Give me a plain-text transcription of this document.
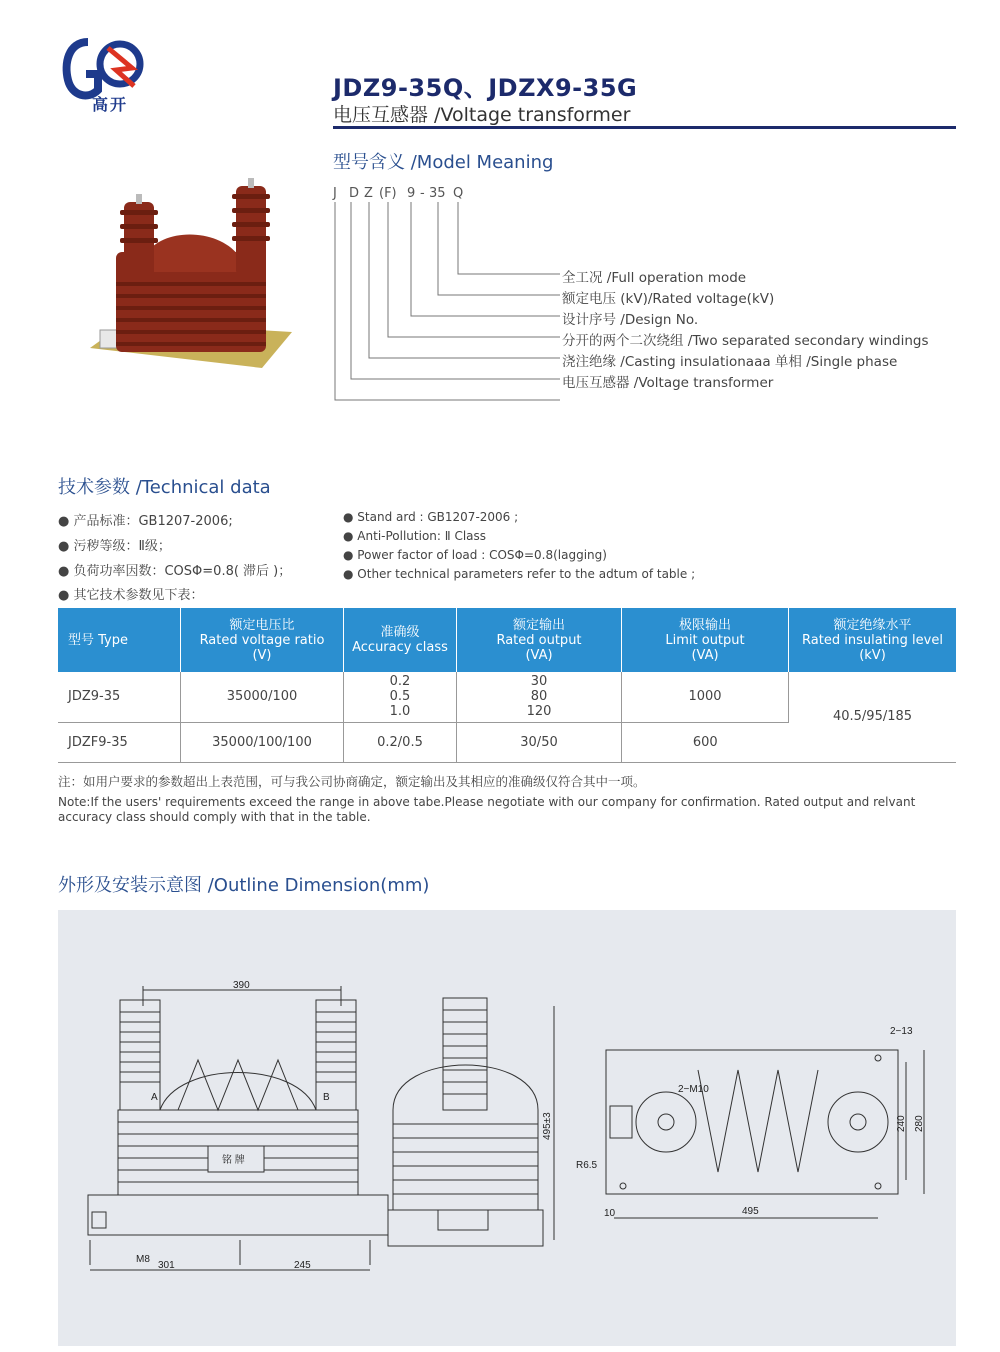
高开
JDZ9-35Q、JDZX9-35G
电压互感器 /Voltage transformer
型号含义 /Model Meaning
J D Z (F) 9 - 35 Q
全工况 /Full operation mode
额定电压 (kV)/Rated voltage(kV)
设计序号 /Design No.
分开的两个二次绕组 /Two separated secondary windings
浇注绝缘 /Casting insulationaaa 单相 /Single phase
电压互感器 /Voltage transformer
技术参数 /Technical data
● 产品标准：GB1207-2006;
● 污秽等级：Ⅱ级；
● 负荷功率因数：COSΦ=0.8( 滞后 )；
● 其它技术参数见下表：
● Stand ard : GB1207-2006 ;
● Anti-Pollution: Ⅱ Class
● Power factor of load : COSΦ=0.8(lagging)
● Other technical parameters refer to the adtum of table ;
型号 Type	额定电压比
Rated voltage ratio
(V)	准确级
Accuracy class	额定输出
Rated output
(VA)	极限输出
Limit output
(VA)	额定绝缘水平
Rated insulating level
(kV)
JDZ9-35	35000/100	0.2
0.5
1.0	30
80
120	1000	40.5/95/185
JDZF9-35	35000/100/100	0.2/0.5	30/50	600	
注：如用户要求的参数超出上表范围，可与我公司协商确定，额定输出及其相应的准确级仅符合其中一项。
Note:If the users' requirements exceed the range in above tabe.Please negotiate with our company for confirmation. Rated output and relvant accuracy class should comply with that in the table.
外形及安装示意图 /Outline Dimension(mm)
390
A	B
铭 牌
M8
301	245
495±3
2−13
2−M10
R6.5
240 280
10	495
